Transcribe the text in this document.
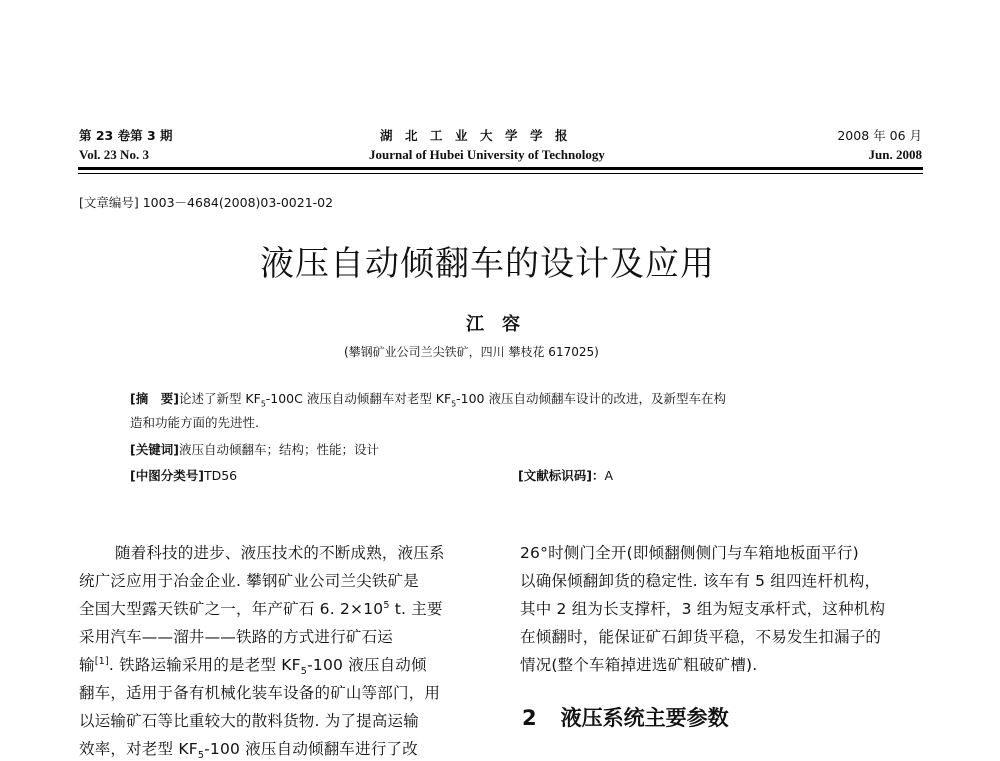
第 23 卷第 3 期
Vol. 23 No. 3
湖　北　工　业　大　学　学　报
Journal of Hubei University of Technology
2008 年 06 月
Jun. 2008
[文章编号] 1003－4684(2008)03-0021-02
液压自动倾翻车的设计及应用
江　容
(攀钢矿业公司兰尖铁矿，四川 攀枝花 617025)
[摘　要]论述了新型 $KF_5-100C$ 液压自动倾翻车对老型 $KF_5-100$ 液压自动倾翻车设计的改进，及新型车在构
造和功能方面的先进性.
[关键词]液压自动倾翻车；结构；性能；设计
[中图分类号]TD56	[文献标识码]：A
随着科技的进步、液压技术的不断成熟，液压系
统广泛应用于冶金企业. 攀钢矿业公司兰尖铁矿是
全国大型露天铁矿之一，年产矿石 6. $2\times 10^5$ t. 主要
采用汽车——溜井——铁路的方式进行矿石运
输[1]. 铁路运输采用的是老型 $KF_5-100$ 液压自动倾
翻车，适用于备有机械化装车设备的矿山等部门，用
以运输矿石等比重较大的散料货物. 为了提高运输
效率，对老型 $KF_5-100$ 液压自动倾翻车进行了改
26°时侧门全开(即倾翻侧侧门与车箱地板面平行)
以确保倾翻卸货的稳定性. 该车有 5 组四连杆机构，
其中 2 组为长支撑杆，3 组为短支承杆式，这种机构
在倾翻时，能保证矿石卸货平稳，不易发生扣漏子的
情况(整个车箱掉进选矿粗破矿槽).
2 液压系统主要参数
